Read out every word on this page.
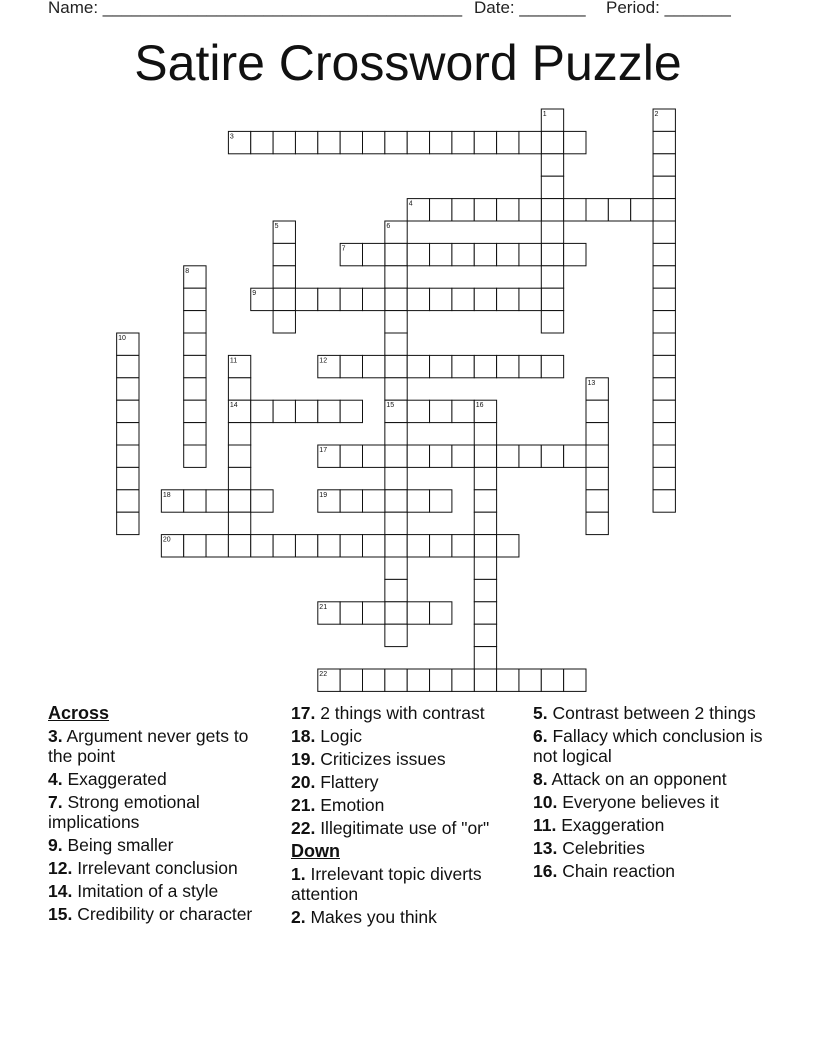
Name: ______________________________________ Date: _______ Period: _______
Satire Crossword Puzzle
1	2
3
4
5	6
7
8
9
10
11	12
13
14	15	16
17
18	19
20
21
22
Across
3. Argument never gets to the point
4. Exaggerated
7. Strong emotional implications
9. Being smaller
12. Irrelevant conclusion
14. Imitation of a style
15. Credibility or character
17. 2 things with contrast
18. Logic
19. Criticizes issues
20. Flattery
21. Emotion
22. Illegitimate use of "or"
Down
1. Irrelevant topic diverts attention
2. Makes you think
5. Contrast between 2 things
6. Fallacy which conclusion is not logical
8. Attack on an opponent
10. Everyone believes it
11. Exaggeration
13. Celebrities
16. Chain reaction
